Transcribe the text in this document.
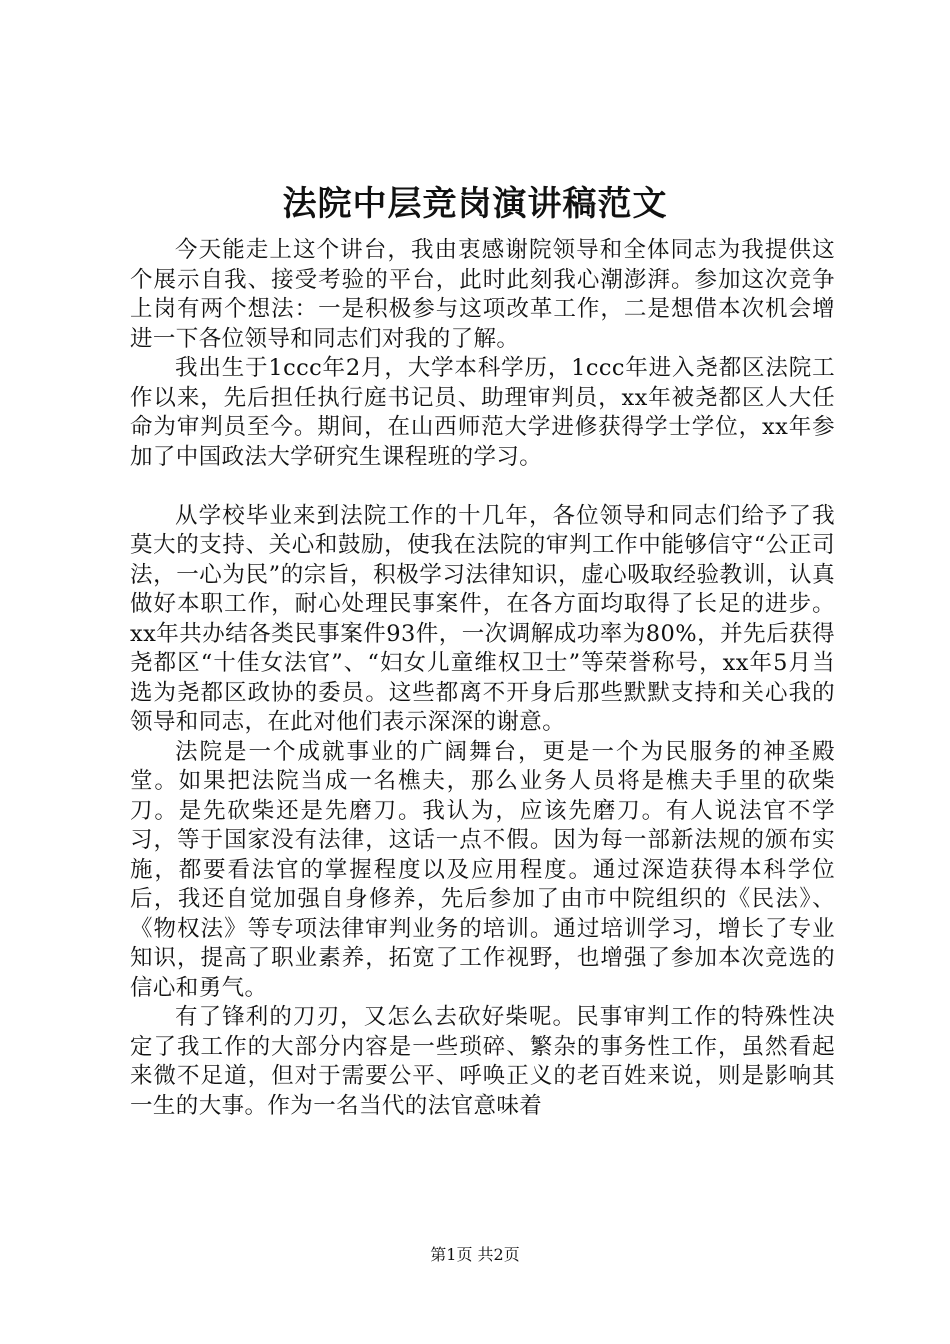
法院中层竞岗演讲稿范文

今天能走上这个讲台，我由衷感谢院领导和全体同志为我提供这个展示自我、接受考验的平台，此时此刻我心潮澎湃。参加这次竞争上岗有两个想法：一是积极参与这项改革工作，二是想借本次机会增进一下各位领导和同志们对我的了解。

我出生于1ccc年2月，大学本科学历，1ccc年进入尧都区法院工作以来，先后担任执行庭书记员、助理审判员，xx年被尧都区人大任命为审判员至今。期间，在山西师范大学进修获得学士学位，xx年参加了中国政法大学研究生课程班的学习。

从学校毕业来到法院工作的十几年，各位领导和同志们给予了我莫大的支持、关心和鼓励，使我在法院的审判工作中能够信守“公正司法，一心为民”的宗旨，积极学习法律知识，虚心吸取经验教训，认真做好本职工作，耐心处理民事案件，在各方面均取得了长足的进步。xx年共办结各类民事案件93件，一次调解成功率为80%，并先后获得尧都区“十佳女法官”、“妇女儿童维权卫士”等荣誉称号，xx年5月当选为尧都区政协的委员。这些都离不开身后那些默默支持和关心我的领导和同志，在此对他们表示深深的谢意。

法院是一个成就事业的广阔舞台，更是一个为民服务的神圣殿堂。如果把法院当成一名樵夫，那么业务人员将是樵夫手里的砍柴刀。是先砍柴还是先磨刀。我认为，应该先磨刀。有人说法官不学习，等于国家没有法律，这话一点不假。因为每一部新法规的颁布实施，都要看法官的掌握程度以及应用程度。通过深造获得本科学位后，我还自觉加强自身修养，先后参加了由市中院组织的《民法》、《物权法》等专项法律审判业务的培训。通过培训学习，增长了专业知识，提高了职业素养，拓宽了工作视野，也增强了参加本次竞选的信心和勇气。

有了锋利的刀刃，又怎么去砍好柴呢。民事审判工作的特殊性决定了我工作的大部分内容是一些琐碎、繁杂的事务性工作，虽然看起来微不足道，但对于需要公平、呼唤正义的老百姓来说，则是影响其一生的大事。作为一名当代的法官意味着

第1页 共2页
